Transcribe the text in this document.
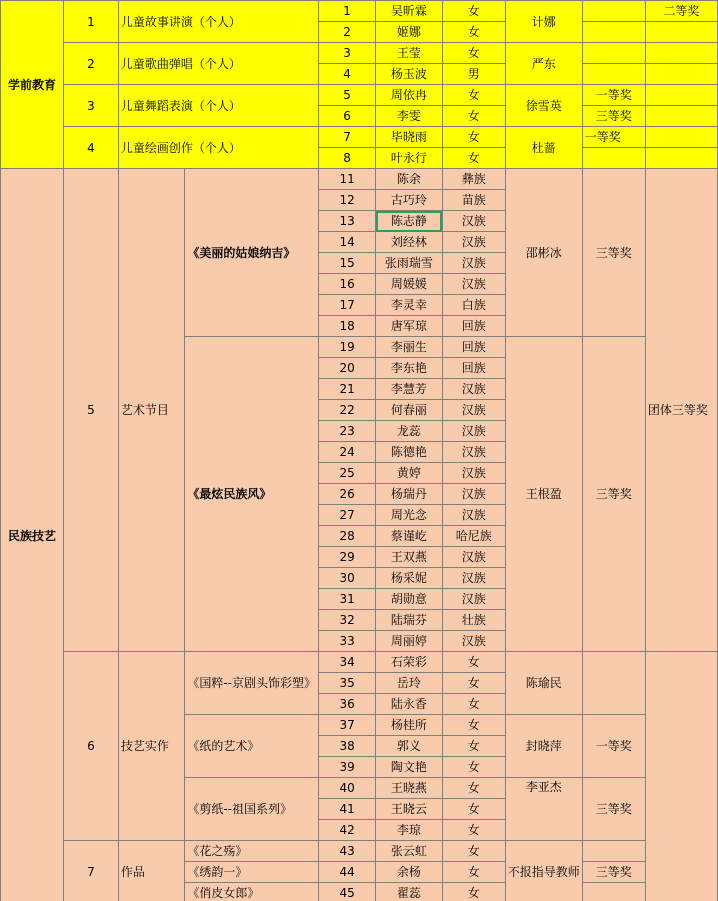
学前教育	1	儿童故事讲演（个人）		1	吴昕霖	女	计娜		二等奖
				2	姬娜	女			
	2	儿童歌曲弹唱（个人）		3	王莹	女	严东		
				4	杨玉波	男			
	3	儿童舞蹈表演（个人）		5	周依冉	女	徐雪英	一等奖	
				6	李雯	女		三等奖	
	4	儿童绘画创作（个人）		7	毕晓雨	女	杜蔷	一等奖	
				8	叶永行	女			
民族技艺	5	艺术节目	《美丽的姑娘纳吉》	11	陈余	彝族	邵彬冰	三等奖	团体三等奖
				12	古巧玲	苗族			
				13	陈志静	汉族			
				14	刘经林	汉族			
				15	张雨瑞雪	汉族			
				16	周媛媛	汉族			
				17	李灵幸	白族			
				18	唐军琼	回族			
			《最炫民族风》	19	李丽生	回族	王根盈	三等奖	
				20	李东艳	回族			
				21	李慧芳	汉族			
				22	何春丽	汉族			
				23	龙蕊	汉族			
				24	陈德艳	汉族			
				25	黄婷	汉族			
				26	杨瑞丹	汉族			
				27	周光念	汉族			
				28	蔡谨屹	哈尼族			
				29	王双燕	汉族			
				30	杨采妮	汉族			
				31	胡勋意	汉族			
				32	陆瑞芬	壮族			
				33	周丽婷	汉族			
	6	技艺实作	《国粹--京剧头饰彩塑》	34	石荣彩	女	陈瑜民		
				35	岳玲	女			
				36	陆永香	女			
			《纸的艺术》	37	杨桂所	女	封晓萍	一等奖	
				38	郭义	女			
				39	陶文艳	女			
			《剪纸--祖国系列》	40	王晓燕	女	李亚杰	三等奖	
				41	王晓云	女			
				42	李琼	女			
	7	作品	《花之殇》	43	张云虹	女	不报指导教师		
			《绣韵一》	44	余杨	女		三等奖	
			《俏皮女郎》	45	翟蕊	女			
